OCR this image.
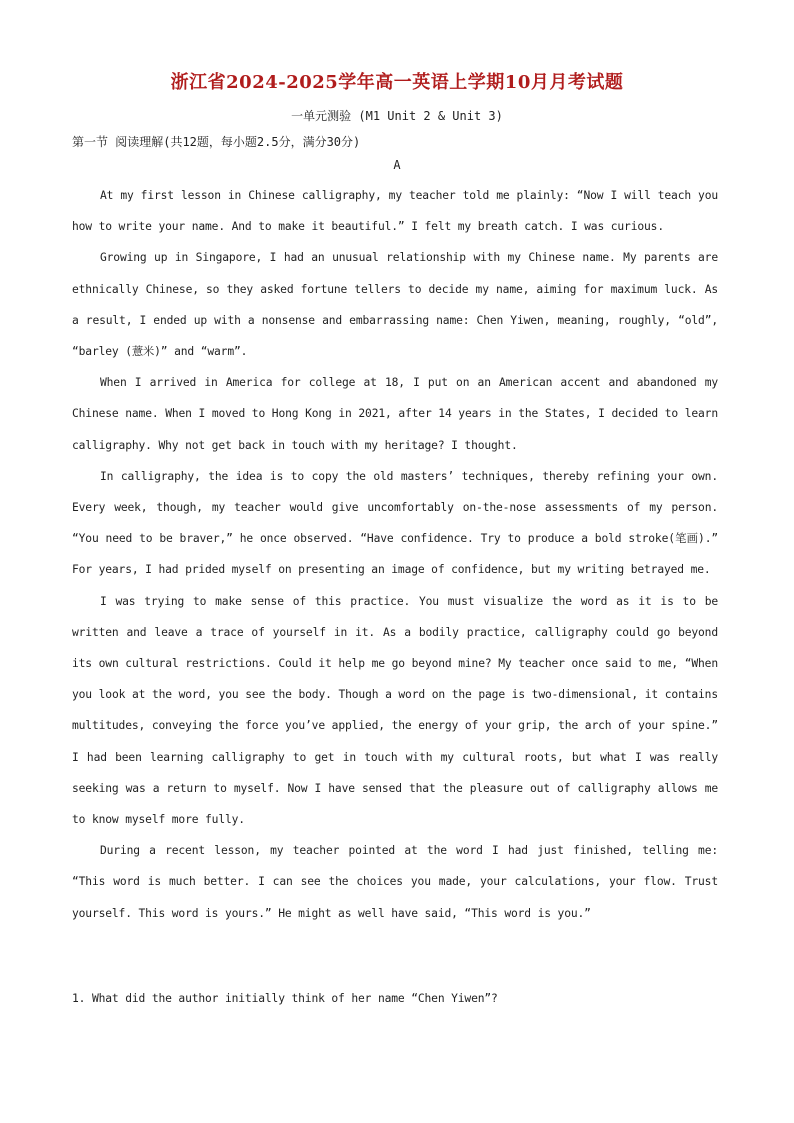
浙江省2024-2025学年高一英语上学期10月月考试题
一单元测验 (M1 Unit 2 & Unit 3)
第一节 阅读理解(共12题，每小题2.5分，满分30分)
A

At my first lesson in Chinese calligraphy, my teacher told me plainly: “Now I will teach you how to write your name. And to make it beautiful.” I felt my breath catch. I was curious.

Growing up in Singapore, I had an unusual relationship with my Chinese name. My parents are ethnically Chinese, so they asked fortune tellers to decide my name, aiming for maximum luck. As a result, I ended up with a nonsense and embarrassing name: Chen Yiwen, meaning, roughly, “old”, “barley (薏米)” and “warm”.

When I arrived in America for college at 18, I put on an American accent and abandoned my Chinese name. When I moved to Hong Kong in 2021, after 14 years in the States, I decided to learn calligraphy. Why not get back in touch with my heritage? I thought.

In calligraphy, the idea is to copy the old masters’ techniques, thereby refining your own. Every week, though, my teacher would give uncomfortably on-the-nose assessments of my person. “You need to be braver,” he once observed. “Have confidence. Try to produce a bold stroke(笔画).” For years, I had prided myself on presenting an image of confidence, but my writing betrayed me.

I was trying to make sense of this practice. You must visualize the word as it is to be written and leave a trace of yourself in it. As a bodily practice, calligraphy could go beyond its own cultural restrictions. Could it help me go beyond mine? My teacher once said to me, “When you look at the word, you see the body. Though a word on the page is two-dimensional, it contains multitudes, conveying the force you’ve applied, the energy of your grip, the arch of your spine.” I had been learning calligraphy to get in touch with my cultural roots, but what I was really seeking was a return to myself. Now I have sensed that the pleasure out of calligraphy allows me to know myself more fully.

During a recent lesson, my teacher pointed at the word I had just finished, telling me: “This word is much better. I can see the choices you made, your calculations, your flow. Trust yourself. This word is yours.” He might as well have said, “This word is you.”

1. What did the author initially think of her name “Chen Yiwen”?
